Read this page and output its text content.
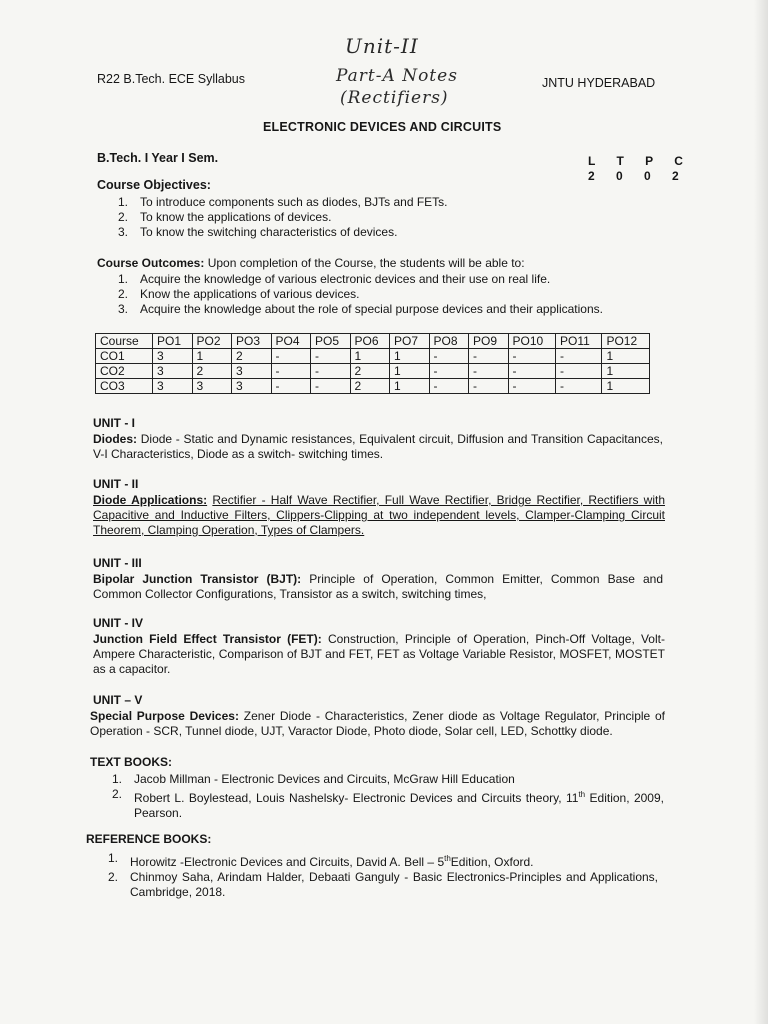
R22 B.Tech. ECE Syllabus	JNTU HYDERABAD
Unit-II
Part-A Notes
(Rectifiers)
ELECTRONIC DEVICES AND CIRCUITS
B.Tech. I Year I Sem.	L T P C
2 0 0 2
Course Objectives:
1. To introduce components such as diodes, BJTs and FETs.
2. To know the applications of devices.
3. To know the switching characteristics of devices.
Course Outcomes: Upon completion of the Course, the students will be able to:
1. Acquire the knowledge of various electronic devices and their use on real life.
2. Know the applications of various devices.
3. Acquire the knowledge about the role of special purpose devices and their applications.
Course	PO1	PO2	PO3	PO4	PO5	PO6	PO7	PO8	PO9	PO10	PO11	PO12
CO1	3	1	2	-	-	1	1	-	-	-	-	1
CO2	3	2	3	-	-	2	1	-	-	-	-	1
CO3	3	3	3	-	-	2	1	-	-	-	-	1
UNIT - I
Diodes: Diode - Static and Dynamic resistances, Equivalent circuit, Diffusion and Transition Capacitances, V-I Characteristics, Diode as a switch- switching times.
UNIT - II
Diode Applications: Rectifier - Half Wave Rectifier, Full Wave Rectifier, Bridge Rectifier, Rectifiers with Capacitive and Inductive Filters, Clippers-Clipping at two independent levels, Clamper-Clamping Circuit Theorem, Clamping Operation, Types of Clampers.
UNIT - III
Bipolar Junction Transistor (BJT): Principle of Operation, Common Emitter, Common Base and Common Collector Configurations, Transistor as a switch, switching times,
UNIT - IV
Junction Field Effect Transistor (FET): Construction, Principle of Operation, Pinch-Off Voltage, Volt-Ampere Characteristic, Comparison of BJT and FET, FET as Voltage Variable Resistor, MOSFET, MOSTET as a capacitor.
UNIT – V
Special Purpose Devices: Zener Diode - Characteristics, Zener diode as Voltage Regulator, Principle of Operation - SCR, Tunnel diode, UJT, Varactor Diode, Photo diode, Solar cell, LED, Schottky diode.
TEXT BOOKS:
1. Jacob Millman - Electronic Devices and Circuits, McGraw Hill Education
2. Robert L. Boylestead, Louis Nashelsky- Electronic Devices and Circuits theory, 11th Edition, 2009, Pearson.
REFERENCE BOOKS:
1. Horowitz -Electronic Devices and Circuits, David A. Bell – 5thEdition, Oxford.
2. Chinmoy Saha, Arindam Halder, Debaati Ganguly - Basic Electronics-Principles and Applications, Cambridge, 2018.
